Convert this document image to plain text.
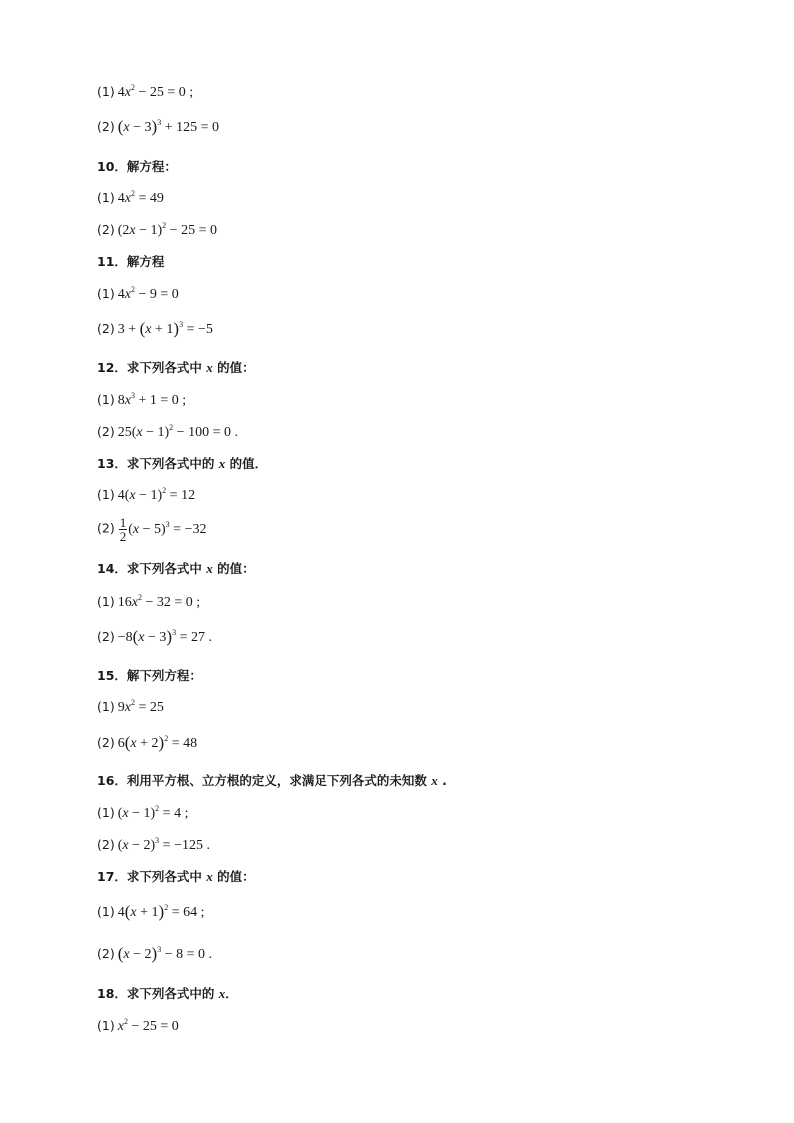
(1) $4x^2 - 25 = 0$ ;
(2) $(x - 3)^3 + 125 = 0$
10．解方程：
(1) $4x^2 = 49$
(2) $(2x - 1)^2 - 25 = 0$
11．解方程
(1) $4x^2 - 9 = 0$
(2) $3 + (x + 1)^3 = -5$
12．求下列各式中 x 的值：
(1) $8x^3 + 1 = 0$ ;
(2) $25(x - 1)^2 - 100 = 0$ .
13．求下列各式中的 x 的值．
(1) $4(x - 1)^2 = 12$
$(2) \frac{1}{2} (x - 5)^3 = -32$
14．求下列各式中 x 的值：
(1) $16x^2 - 32 = 0$ ;
$(2) -8(x - 3)^3 = 27$ .
15．解下列方程：
(1) $9x^2 = 25$
(2) $6(x + 2)^2 = 48$
16．利用平方根、立方根的定义，求满足下列各式的未知数 x .
(1) $(x - 1)^2 = 4$ ;
(2) $(x - 2)^3 = -125$ .
17．求下列各式中 x 的值：
(1) $4(x + 1)^2 = 64$ ;
(2) $(x - 2)^3 - 8 = 0$ .
18．求下列各式中的 x．
(1) $x^2 - 25 = 0$
